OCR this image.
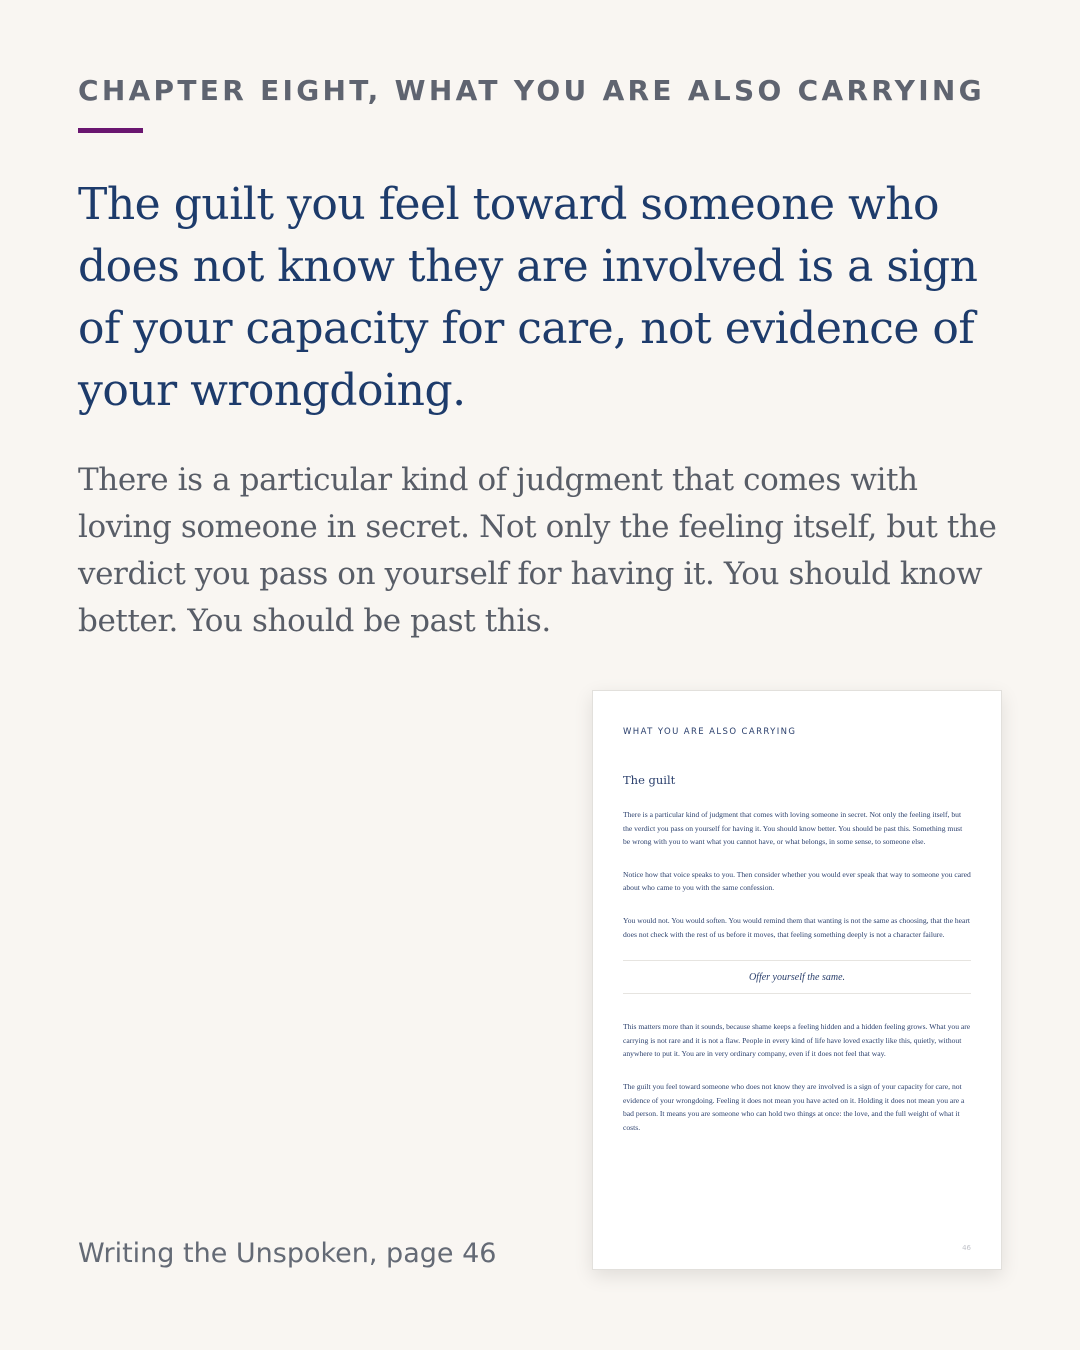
CHAPTER EIGHT, WHAT YOU ARE ALSO CARRYING
The guilt you feel toward someone who does not know they are involved is a sign of your capacity for care, not evidence of your wrongdoing.

There is a particular kind of judgment that comes with loving someone in secret. Not only the feeling itself, but the verdict you pass on yourself for having it. You should know better. You should be past this.

WHAT YOU ARE ALSO CARRYING
The guilt

There is a particular kind of judgment that comes with loving someone in secret. Not only the feeling itself, but the verdict you pass on yourself for having it. You should know better. You should be past this. Something must be wrong with you to want what you cannot have, or what belongs, in some sense, to someone else.

Notice how that voice speaks to you. Then consider whether you would ever speak that way to someone you cared about who came to you with the same confession.

You would not. You would soften. You would remind them that wanting is not the same as choosing, that the heart does not check with the rest of us before it moves, that feeling something deeply is not a character failure.

Offer yourself the same.

This matters more than it sounds, because shame keeps a feeling hidden and a hidden feeling grows. What you are carrying is not rare and it is not a flaw. People in every kind of life have loved exactly like this, quietly, without anywhere to put it. You are in very ordinary company, even if it does not feel that way.

The guilt you feel toward someone who does not know they are involved is a sign of your capacity for care, not evidence of your wrongdoing. Feeling it does not mean you have acted on it. Holding it does not mean you are a bad person. It means you are someone who can hold two things at once: the love, and the full weight of what it costs.

46
Writing the Unspoken, page 46
